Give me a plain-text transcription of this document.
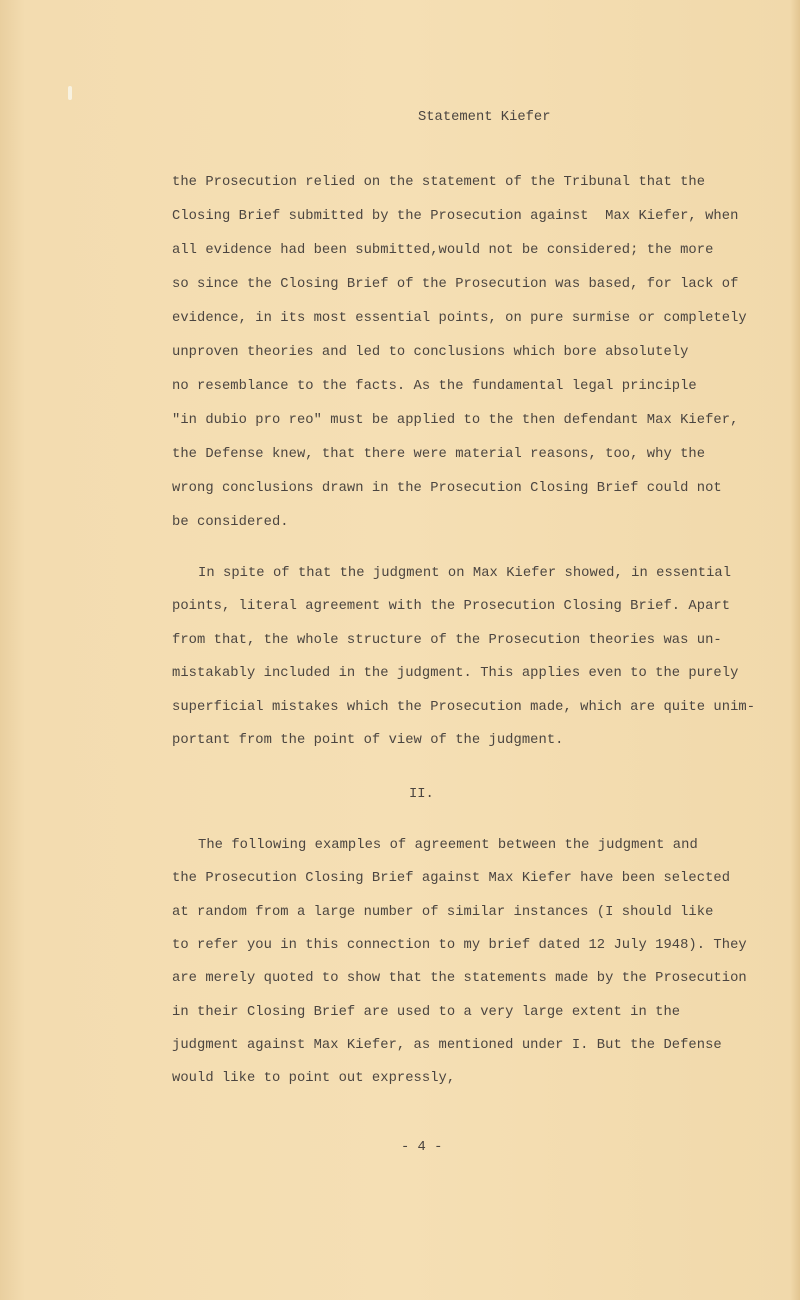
Statement Kiefer
the Prosecution relied on the statement of the Tribunal that the
Closing Brief submitted by the Prosecution against  Max Kiefer, when
all evidence had been submitted,would not be considered; the more
so since the Closing Brief of the Prosecution was based, for lack of
evidence, in its most essential points, on pure surmise or completely
unproven theories and led to conclusions which bore absolutely
no resemblance to the facts. As the fundamental legal principle
"in dubio pro reo" must be applied to the then defendant Max Kiefer,
the Defense knew, that there were material reasons, too, why the
wrong conclusions drawn in the Prosecution Closing Brief could not
be considered.
In spite of that the judgment on Max Kiefer showed, in essential
points, literal agreement with the Prosecution Closing Brief. Apart
from that, the whole structure of the Prosecution theories was un-
mistakably included in the judgment. This applies even to the purely
superficial mistakes which the Prosecution made, which are quite unim-
portant from the point of view of the judgment.
The following examples of agreement between the judgment and
the Prosecution Closing Brief against Max Kiefer have been selected
at random from a large number of similar instances (I should like
to refer you in this connection to my brief dated 12 July 1948). They
are merely quoted to show that the statements made by the Prosecution
in their Closing Brief are used to a very large extent in the
judgment against Max Kiefer, as mentioned under I. But the Defense
would like to point out expressly,
II.
- 4 -
